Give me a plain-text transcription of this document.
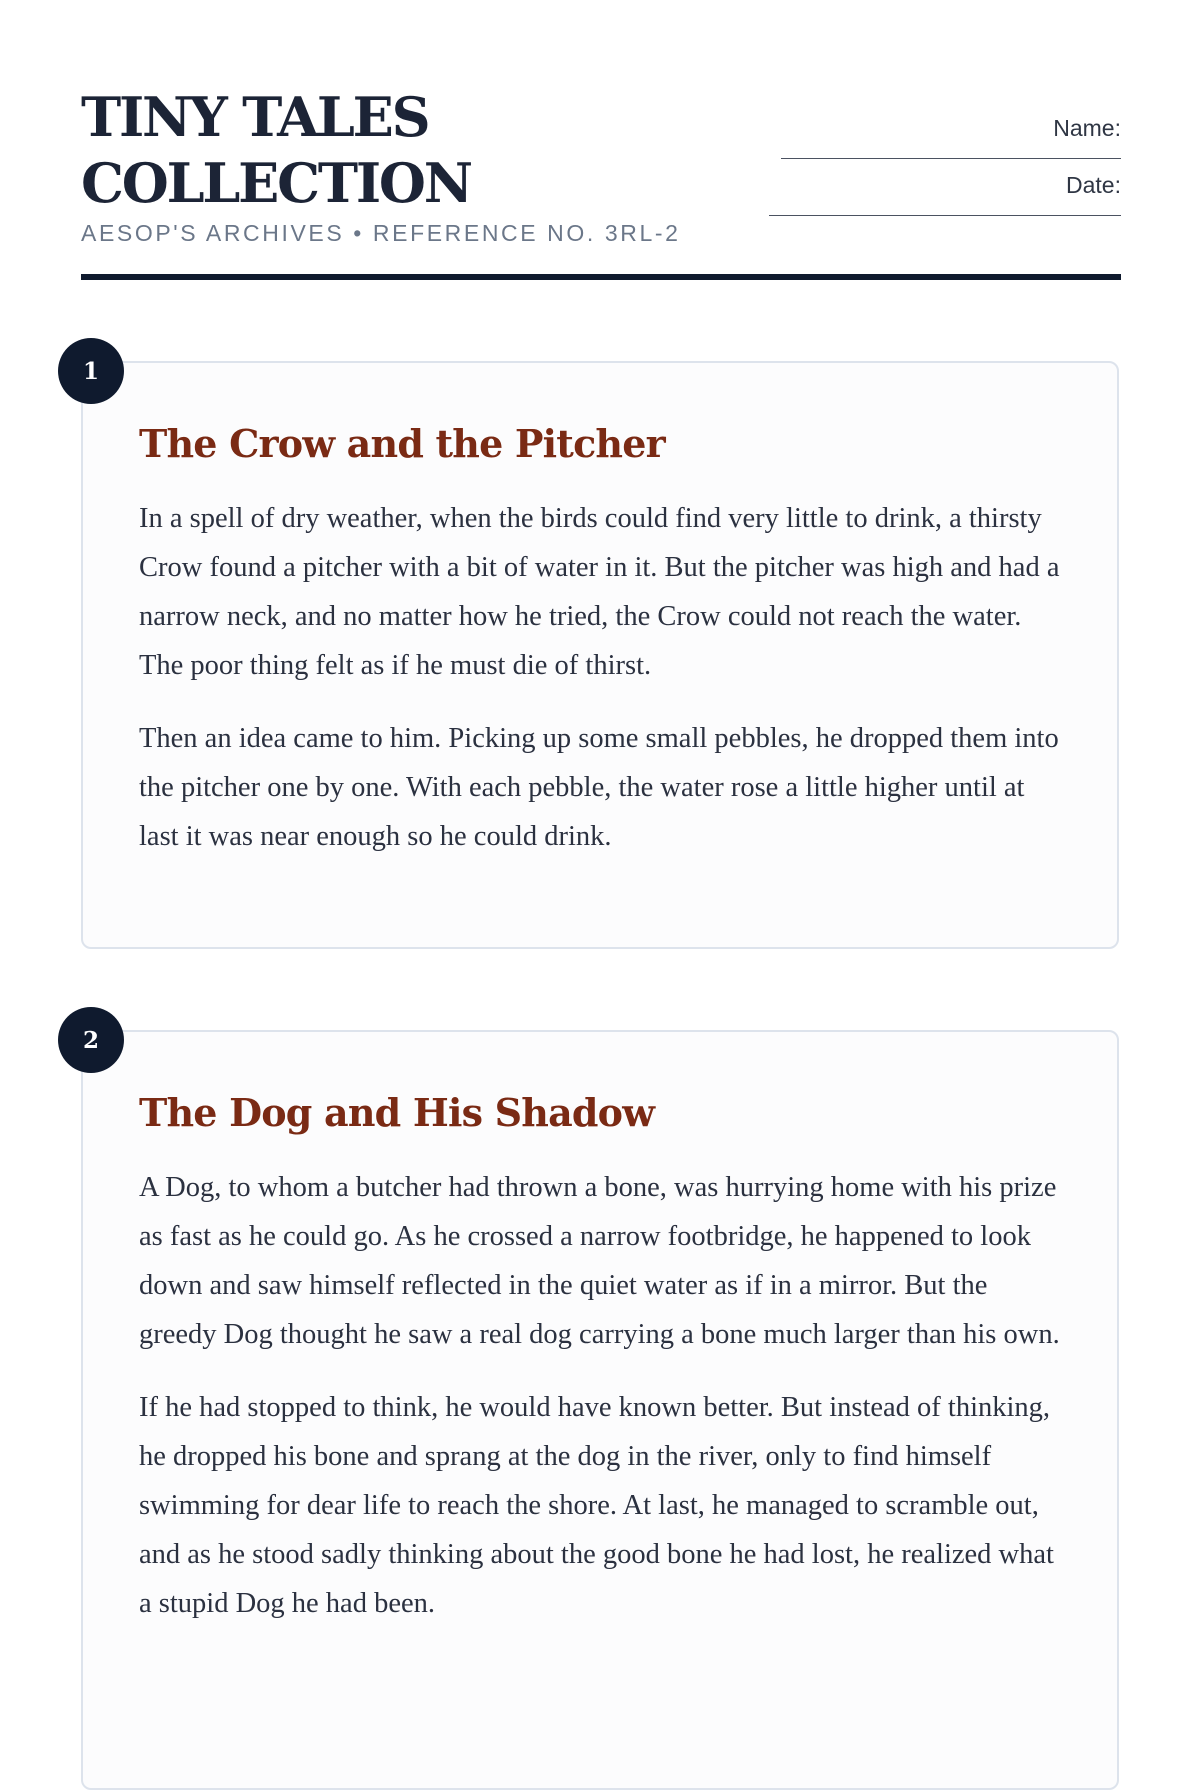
TINY TALES
COLLECTION
AESOP'S ARCHIVES • REFERENCE NO. 3RL-2
Name:
Date:
1
The Crow and the Pitcher

In a spell of dry weather, when the birds could find very little to drink, a thirsty Crow found a pitcher with a bit of water in it. But the pitcher was high and had a narrow neck, and no matter how he tried, the Crow could not reach the water. The poor thing felt as if he must die of thirst.

Then an idea came to him. Picking up some small pebbles, he dropped them into the pitcher one by one. With each pebble, the water rose a little higher until at last it was near enough so he could drink.

2
The Dog and His Shadow

A Dog, to whom a butcher had thrown a bone, was hurrying home with his prize as fast as he could go. As he crossed a narrow footbridge, he happened to look down and saw himself reflected in the quiet water as if in a mirror. But the greedy Dog thought he saw a real dog carrying a bone much larger than his own.

If he had stopped to think, he would have known better. But instead of thinking, he dropped his bone and sprang at the dog in the river, only to find himself swimming for dear life to reach the shore. At last, he managed to scramble out, and as he stood sadly thinking about the good bone he had lost, he realized what a stupid Dog he had been.
